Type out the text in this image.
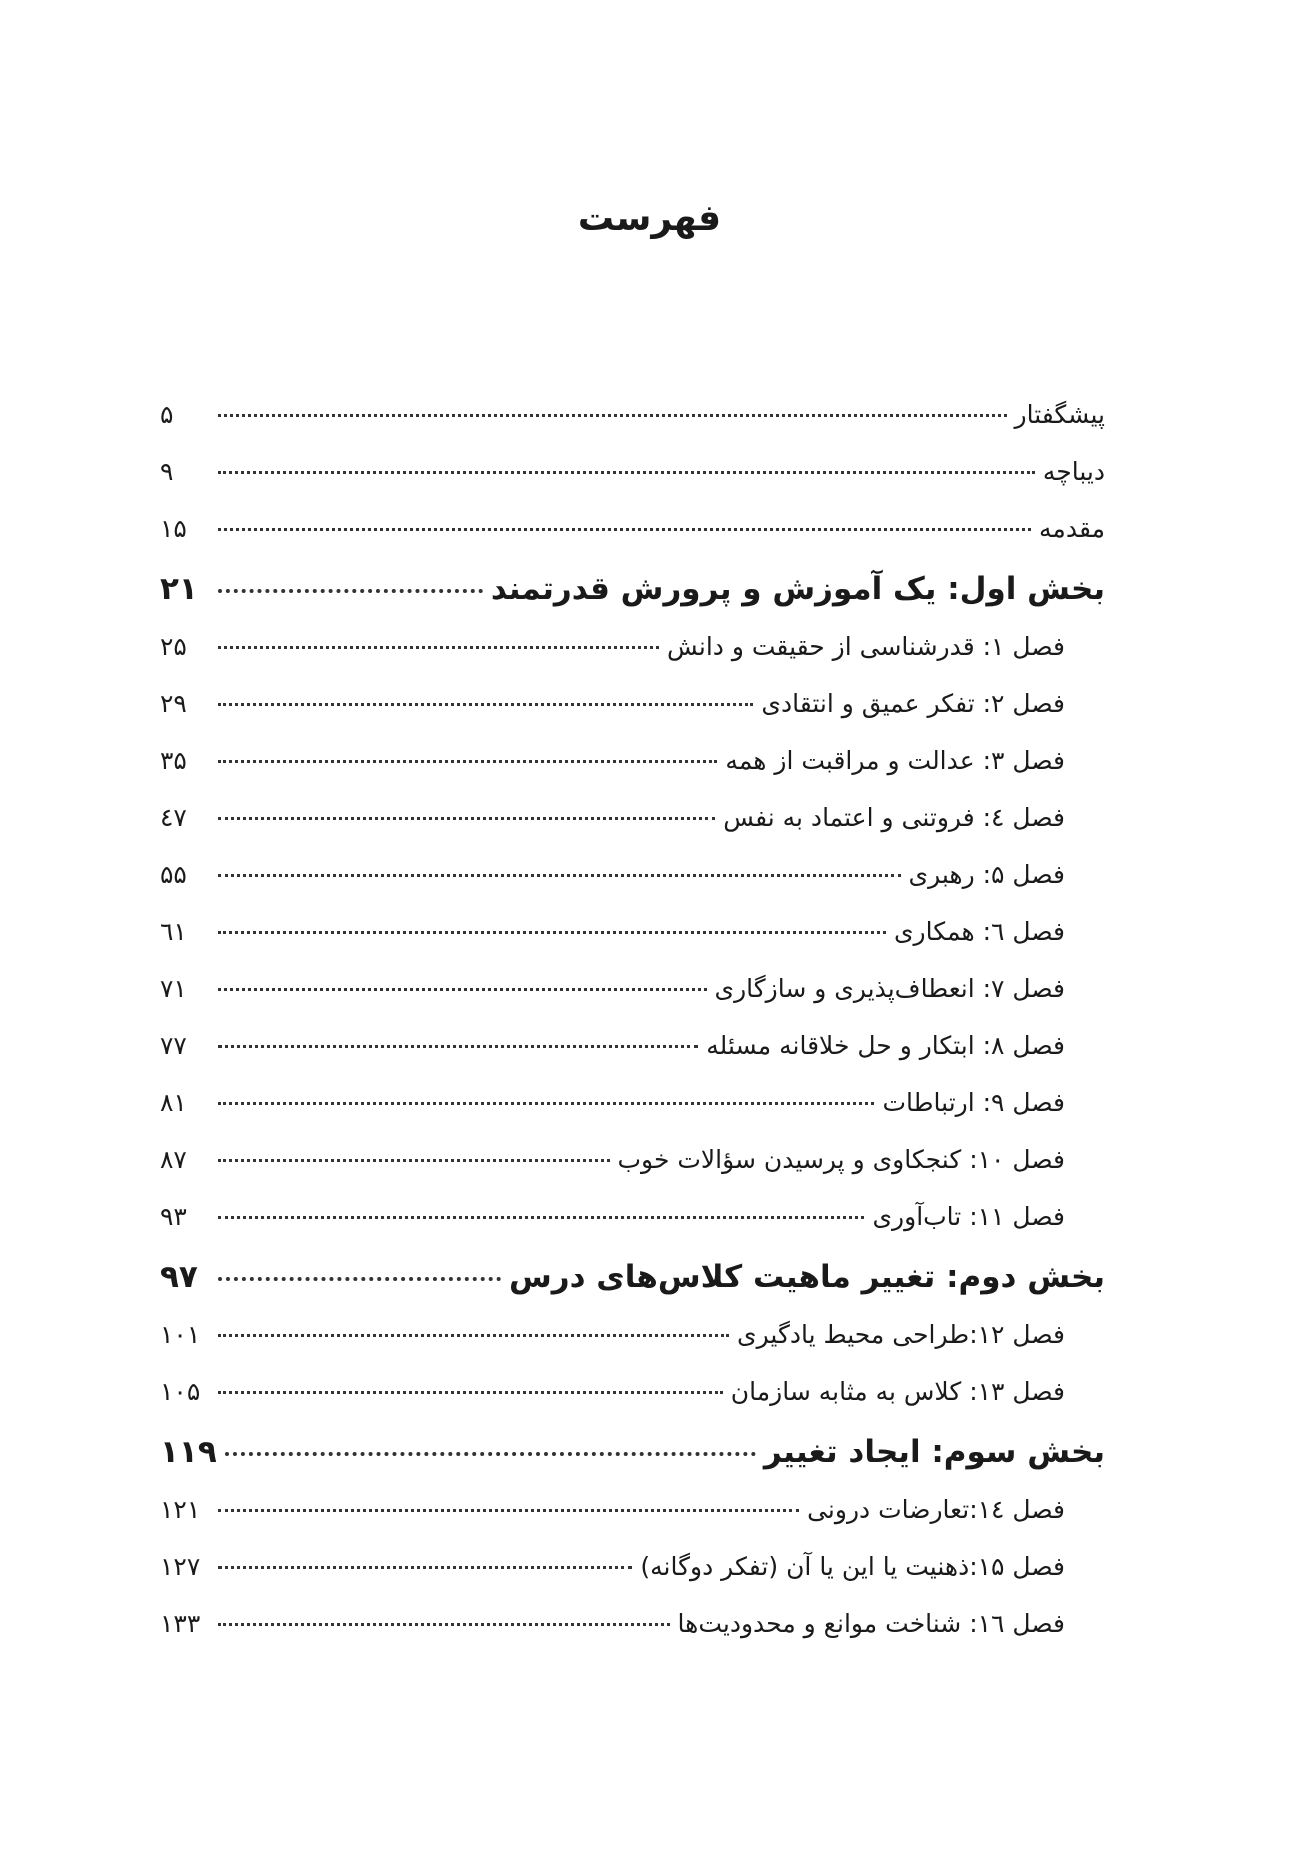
فهرست
پیشگفتار
۵
دیباچه
۹
مقدمه
۱۵
بخش اول: یک آموزش و پرورش قدرتمند
۲۱
فصل ۱: قدرشناسی از حقیقت و دانش
۲۵
فصل ۲: تفکر عمیق و انتقادی
۲۹
فصل ۳: عدالت و مراقبت از همه
۳۵
فصل ٤: فروتنی و اعتماد به نفس
٤۷
فصل ۵: رهبری
۵۵
فصل ٦: همکاری
٦۱
فصل ۷: انعطاف‌پذیری و سازگاری
۷۱
فصل ۸: ابتکار و حل خلاقانه مسئله
۷۷
فصل ۹: ارتباطات
۸۱
فصل ۱۰: کنجکاوی و پرسیدن سؤالات خوب
۸۷
فصل ۱۱: تاب‌آوری
۹۳
بخش دوم: تغییر ماهیت کلاس‌های درس
۹۷
فصل ۱۲:طراحی محیط یادگیری
۱۰۱
فصل ۱۳: کلاس به مثابه سازمان
۱۰۵
بخش سوم: ایجاد تغییر
۱۱۹
فصل ١٤:تعارضات درونی
۱۲۱
فصل ۱۵:ذهنیت یا این یا آن (تفکر دوگانه)
۱۲۷
فصل ١٦: شناخت موانع و محدودیت‌ها
۱۳۳
